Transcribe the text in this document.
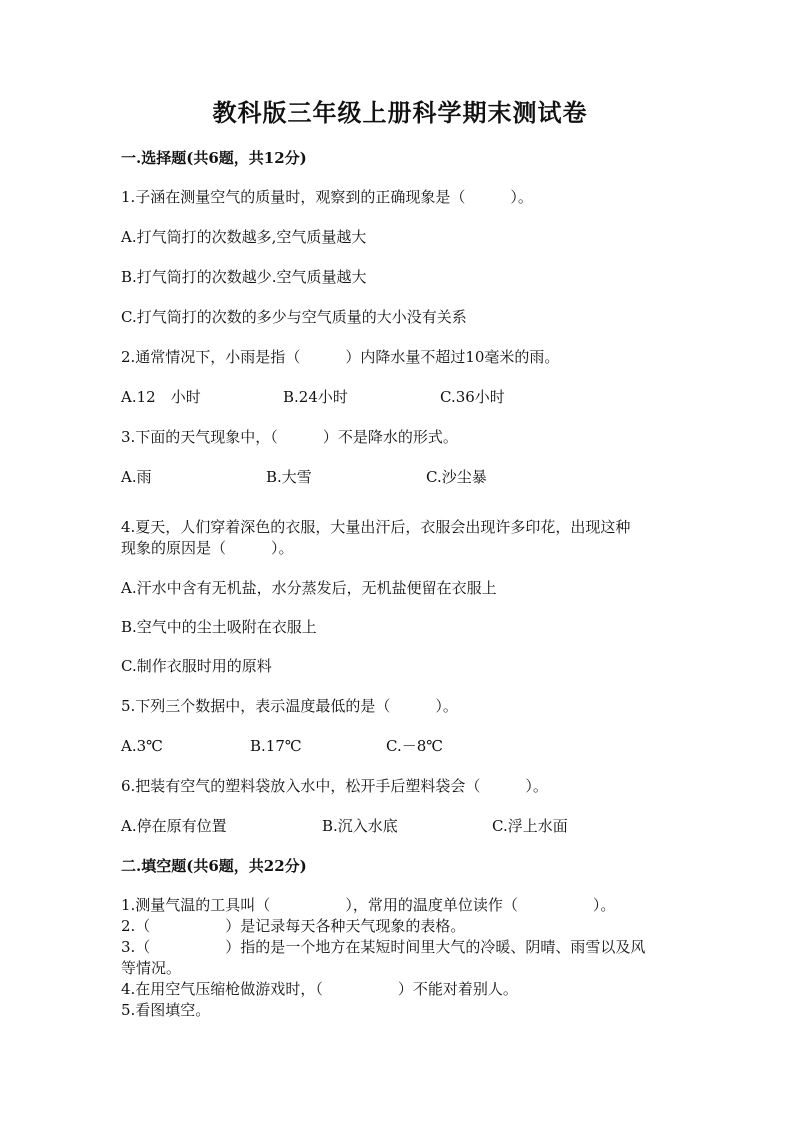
教科版三年级上册科学期末测试卷
一.选择题(共6题，共12分)
1.子涵在测量空气的质量时，观察到的正确现象是（　　　）。
A.打气筒打的次数越多,空气质量越大
B.打气筒打的次数越少.空气质量越大
C.打气筒打的次数的多少与空气质量的大小没有关系
2.通常情况下，小雨是指（　　　）内降水量不超过10毫米的雨。
A.12　小时	B.24小时	C.36小时
3.下面的天气现象中，（　　　）不是降水的形式。
A.雨	B.大雪	C.沙尘暴
4.夏天，人们穿着深色的衣服，大量出汗后，衣服会出现许多印花，出现这种
现象的原因是（　　　）。
A.汗水中含有无机盐，水分蒸发后，无机盐便留在衣服上
B.空气中的尘土吸附在衣服上
C.制作衣服时用的原料
5.下列三个数据中，表示温度最低的是（　　　）。
A.3℃	B.17℃	C.－8℃
6.把装有空气的塑料袋放入水中，松开手后塑料袋会（　　　）。
A.停在原有位置	B.沉入水底	C.浮上水面
二.填空题(共6题，共22分)
1.测量气温的工具叫（　　　　　），常用的温度单位读作（　　　　　）。
2.（　　　　　）是记录每天各种天气现象的表格。
3.（　　　　　）指的是一个地方在某短时间里大气的冷暖、阴晴、雨雪以及风
等情况。
4.在用空气压缩枪做游戏时，（　　　　　）不能对着别人。
5.看图填空。
